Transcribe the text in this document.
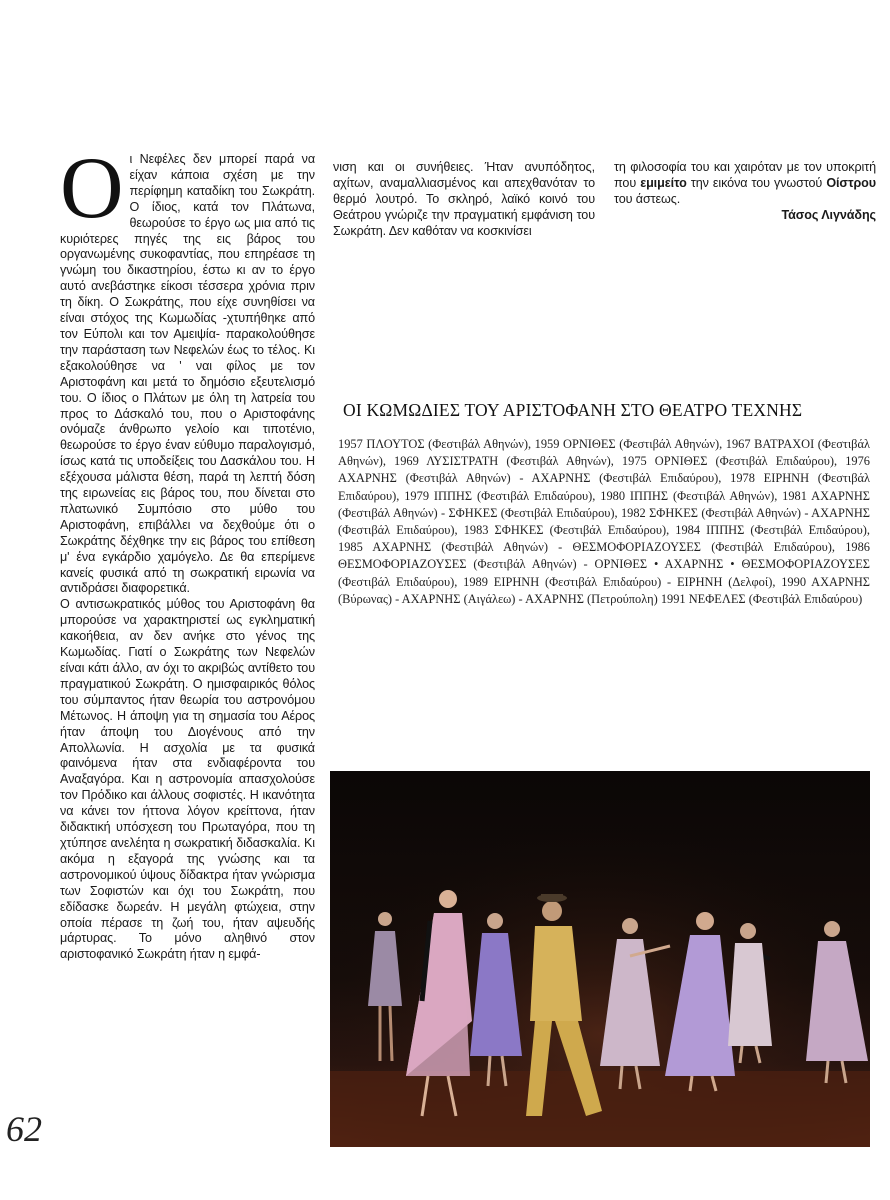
Ο ι Νεφέλες δεν μπορεί παρά να είχαν κάποια σχέση με την περίφημη καταδίκη του Σωκράτη. Ο ίδιος, κατά τον Πλάτωνα, θεωρούσε το έργο ως μια από τις κυριότερες πηγές της εις βάρος του οργανωμένης συκοφαντίας, που επηρέασε τη γνώμη του δικαστηρίου, έστω κι αν το έργο αυτό ανεβάστηκε είκοσι τέσσερα χρόνια πριν τη δίκη. Ο Σωκράτης, που είχε συνηθίσει να είναι στόχος της Κωμωδίας -χτυπήθηκε από τον Εύπολι και τον Αμειψία- παρακολούθησε την παράσταση των Νεφελών έως το τέλος. Κι εξακολούθησε να ' ναι φίλος με τον Αριστοφάνη και μετά το δημόσιο εξευτελισμό του. Ο ίδιος ο Πλάτων με όλη τη λατρεία του προς το Δάσκαλό του, που ο Αριστοφάνης ονόμαζε άνθρωπο γελοίο και τιποτένιο, θεωρούσε το έργο έναν εύθυμο παραλογισμό, ίσως κατά τις υποδείξεις του Δασκάλου του. Η εξέχουσα μάλιστα θέση, παρά τη λεπτή δόση της ειρωνείας εις βάρος του, που δίνεται στο πλατωνικό Συμπόσιο στο μύθο του Αριστοφάνη, επιβάλλει να δεχθούμε ότι ο Σωκράτης δέχθηκε την εις βάρος του επίθεση μ' ένα εγκάρδιο χαμόγελο. Δε θα επερίμενε κανείς φυσικά από τη σωκρατική ειρωνία να αντιδράσει διαφορετικά.

Ο αντισωκρατικός μύθος του Αριστοφάνη θα μπορούσε να χαρακτηριστεί ως εγκληματική κακοήθεια, αν δεν ανήκε στο γένος της Κωμωδίας. Γιατί ο Σωκράτης των Νεφελών είναι κάτι άλλο, αν όχι το ακριβώς αντίθετο του πραγματικού Σωκράτη. Ο ημισφαιρικός θόλος του σύμπαντος ήταν θεωρία του αστρονόμου Μέτωνος. Η άποψη για τη σημασία του Αέρος ήταν άποψη του Διογένους από την Απολλωνία. Η ασχολία με τα φυσικά φαινόμενα ήταν στα ενδιαφέροντα του Αναξαγόρα. Και η αστρονομία απασχολούσε τον Πρόδικο και άλλους σοφιστές. Η ικανότητα να κάνει τον ήττονα λόγον κρείττονα, ήταν διδακτική υπόσχεση του Πρωταγόρα, που τη χτύπησε ανελέητα η σωκρατική διδασκαλία. Κι ακόμα η εξαγορά της γνώσης και τα αστρονομικού ύψους δίδακτρα ήταν γνώρισμα των Σοφιστών και όχι του Σωκράτη, που εδίδασκε δωρεάν. Η μεγάλη φτώχεια, στην οποία πέρασε τη ζωή του, ήταν αψευδής μάρτυρας. Το μόνο αληθινό στον αριστοφανικό Σωκράτη ήταν η εμφά-

νιση και οι συνήθειες. Ήταν ανυπόδητος, αχίτων, αναμαλλιασμένος και απεχθανόταν το θερμό λουτρό. Το σκληρό, λαϊκό κοινό του Θεάτρου γνώριζε την πραγματική εμφάνιση του Σωκράτη. Δεν καθόταν να κοσκινίσει

τη φιλοσοφία του και χαιρόταν με τον υποκριτή που εμιμείτο την εικόνα του γνωστού Οίστρου του άστεως.

Τάσος Λιγνάδης

ΟΙ ΚΩΜΩΔΙΕΣ ΤΟΥ ΑΡΙΣΤΟΦΑΝΗ ΣΤΟ ΘΕΑΤΡΟ ΤΕΧΝΗΣ
1957 ΠΛΟΥΤΟΣ (Φεστιβάλ Αθηνών), 1959 ΟΡΝΙΘΕΣ (Φεστιβάλ Αθηνών), 1967 ΒΑΤΡΑΧΟΙ (Φεστιβάλ Αθηνών), 1969 ΛΥΣΙΣΤΡΑΤΗ (Φεστιβάλ Αθηνών), 1975 ΟΡΝΙΘΕΣ (Φεστιβάλ Επιδαύρου), 1976 ΑΧΑΡΝΗΣ (Φεστιβάλ Αθηνών) - ΑΧΑΡΝΗΣ (Φεστιβάλ Επιδαύρου), 1978 ΕΙΡΗΝΗ (Φεστιβάλ Επιδαύρου), 1979 ΙΠΠΗΣ (Φεστιβάλ Επιδαύρου), 1980 ΙΠΠΗΣ (Φεστιβάλ Αθηνών), 1981 ΑΧΑΡΝΗΣ (Φεστιβάλ Αθηνών) - ΣΦΗΚΕΣ (Φεστιβάλ Επιδαύρου), 1982 ΣΦΗΚΕΣ (Φεστιβάλ Αθηνών) - ΑΧΑΡΝΗΣ (Φεστιβάλ Επιδαύρου), 1983 ΣΦΗΚΕΣ (Φεστιβάλ Επιδαύρου), 1984 ΙΠΠΗΣ (Φεστιβάλ Επιδαύρου), 1985 ΑΧΑΡΝΗΣ (Φεστιβάλ Αθηνών) - ΘΕΣΜΟΦΟΡΙΑΖΟΥΣΕΣ (Φεστιβάλ Επιδαύρου), 1986 ΘΕΣΜΟΦΟΡΙΑΖΟΥΣΕΣ (Φεστιβάλ Αθηνών) - ΟΡΝΙΘΕΣ • ΑΧΑΡΝΗΣ • ΘΕΣΜΟΦΟΡΙΑΖΟΥΣΕΣ (Φεστιβάλ Επιδαύρου), 1989 ΕΙΡΗΝΗ (Φεστιβάλ Επιδαύρου) - ΕΙΡΗΝΗ (Δελφοί), 1990 ΑΧΑΡΝΗΣ (Βύρωνας) - ΑΧΑΡΝΗΣ (Αιγάλεω) - ΑΧΑΡΝΗΣ (Πετρούπολη) 1991 ΝΕΦΕΛΕΣ (Φεστιβάλ Επιδαύρου)
62
